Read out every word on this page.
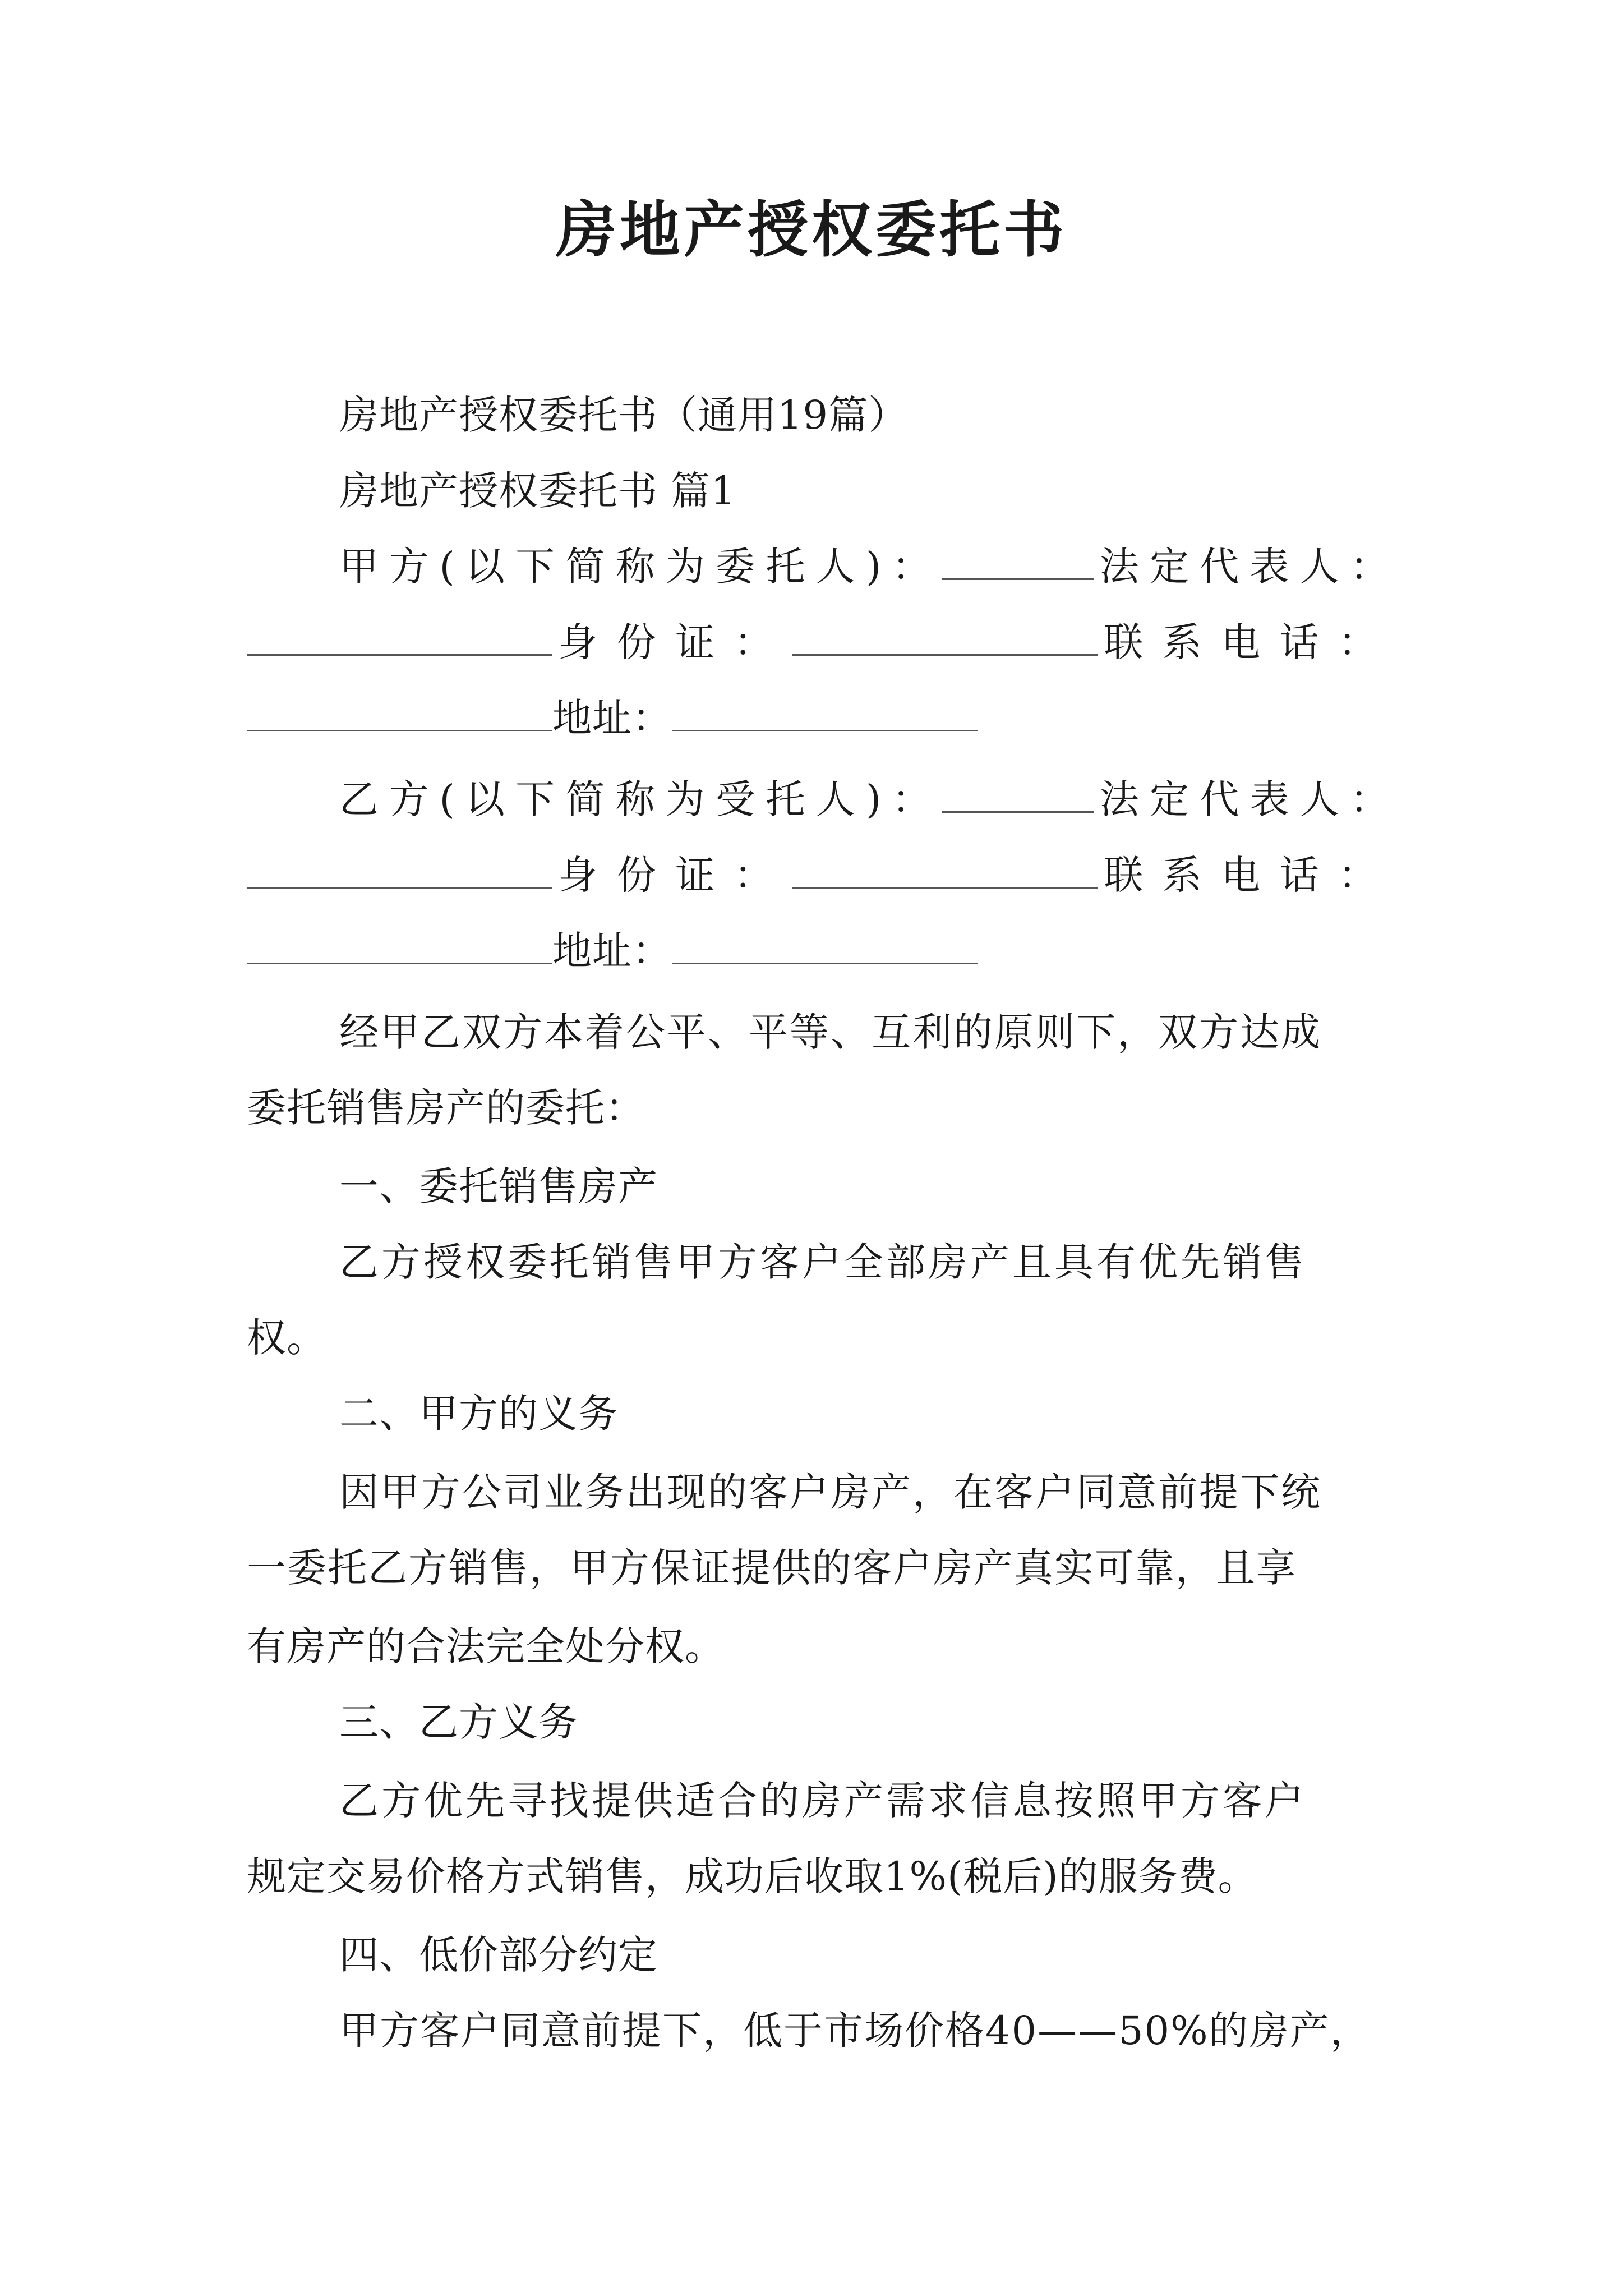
房地产授权委托书
房地产授权委托书（通用19篇）
房地产授权委托书 篇1
甲方(以下简称为委托人)：	法定代表人：
身份证：	联系电话：
地址：
乙方(以下简称为受托人)：	法定代表人：
身份证：	联系电话：
地址：
经甲乙双方本着公平、平等、互利的原则下，双方达成
委托销售房产的委托：
一、委托销售房产
乙方授权委托销售甲方客户全部房产且具有优先销售
权。
二、甲方的义务
因甲方公司业务出现的客户房产，在客户同意前提下统
一委托乙方销售，甲方保证提供的客户房产真实可靠，且享
有房产的合法完全处分权。
三、乙方义务
乙方优先寻找提供适合的房产需求信息按照甲方客户
规定交易价格方式销售，成功后收取1%(税后)的服务费。
四、低价部分约定
甲方客户同意前提下，低于市场价格40——50%的房产，
